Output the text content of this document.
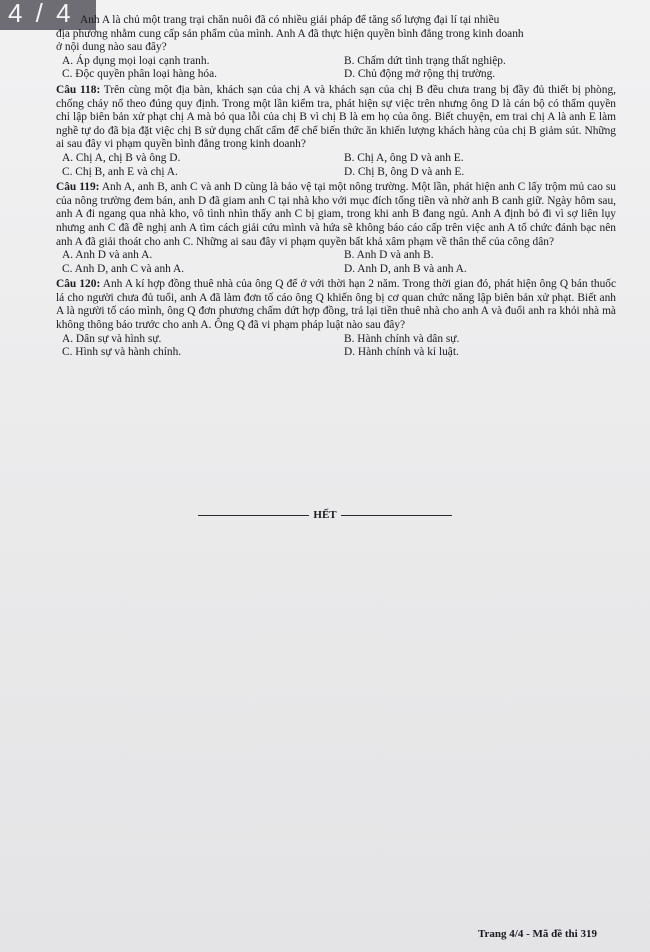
4 / 4 Anh A là chủ một trang trại chăn nuôi đã có nhiều giải pháp để tăng số lượng đại lí tại nhiều

địa phương nhằm cung cấp sản phẩm của mình. Anh A đã thực hiện quyền bình đẳng trong kinh doanh

ở nội dung nào sau đây?

A. Áp dụng mọi loại cạnh tranh.	B. Chấm dứt tình trạng thất nghiệp.
C. Độc quyền phân loại hàng hóa.	D. Chủ động mở rộng thị trường.

Câu 118: Trên cùng một địa bàn, khách sạn của chị A và khách sạn của chị B đều chưa trang bị đầy đủ thiết bị phòng, chống cháy nổ theo đúng quy định. Trong một lần kiểm tra, phát hiện sự việc trên nhưng ông D là cán bộ có thẩm quyền chỉ lập biên bản xử phạt chị A mà bỏ qua lỗi của chị B vì chị B là em họ của ông. Biết chuyện, em trai chị A là anh E làm nghề tự do đã bịa đặt việc chị B sử dụng chất cấm để chế biến thức ăn khiến lượng khách hàng của chị B giảm sút. Những ai sau đây vi phạm quyền bình đẳng trong kinh doanh?

A. Chị A, chị B và ông D.	B. Chị A, ông D và anh E.
C. Chị B, anh E và chị A.	D. Chị B, ông D và anh E.

Câu 119: Anh A, anh B, anh C và anh D cùng là bảo vệ tại một nông trường. Một lần, phát hiện anh C lấy trộm mủ cao su của nông trường đem bán, anh D đã giam anh C tại nhà kho với mục đích tống tiền và nhờ anh B canh giữ. Ngày hôm sau, anh A đi ngang qua nhà kho, vô tình nhìn thấy anh C bị giam, trong khi anh B đang ngủ. Anh A định bỏ đi vì sợ liên lụy nhưng anh C đã đề nghị anh A tìm cách giải cứu mình và hứa sẽ không báo cáo cấp trên việc anh A tổ chức đánh bạc nên anh A đã giải thoát cho anh C. Những ai sau đây vi phạm quyền bất khả xâm phạm về thân thể của công dân?

A. Anh D và anh A.	B. Anh D và anh B.
C. Anh D, anh C và anh A.	D. Anh D, anh B và anh A.

Câu 120: Anh A kí hợp đồng thuê nhà của ông Q để ở với thời hạn 2 năm. Trong thời gian đó, phát hiện ông Q bán thuốc lá cho người chưa đủ tuổi, anh A đã làm đơn tố cáo ông Q khiến ông bị cơ quan chức năng lập biên bản xử phạt. Biết anh A là người tố cáo mình, ông Q đơn phương chấm dứt hợp đồng, trả lại tiền thuê nhà cho anh A và đuổi anh ra khỏi nhà mà không thông báo trước cho anh A. Ông Q đã vi phạm pháp luật nào sau đây?

A. Dân sự và hình sự.	B. Hành chính và dân sự.
C. Hình sự và hành chính.	D. Hành chính và kỉ luật.
HẾT
Trang 4/4 - Mã đề thi 319
